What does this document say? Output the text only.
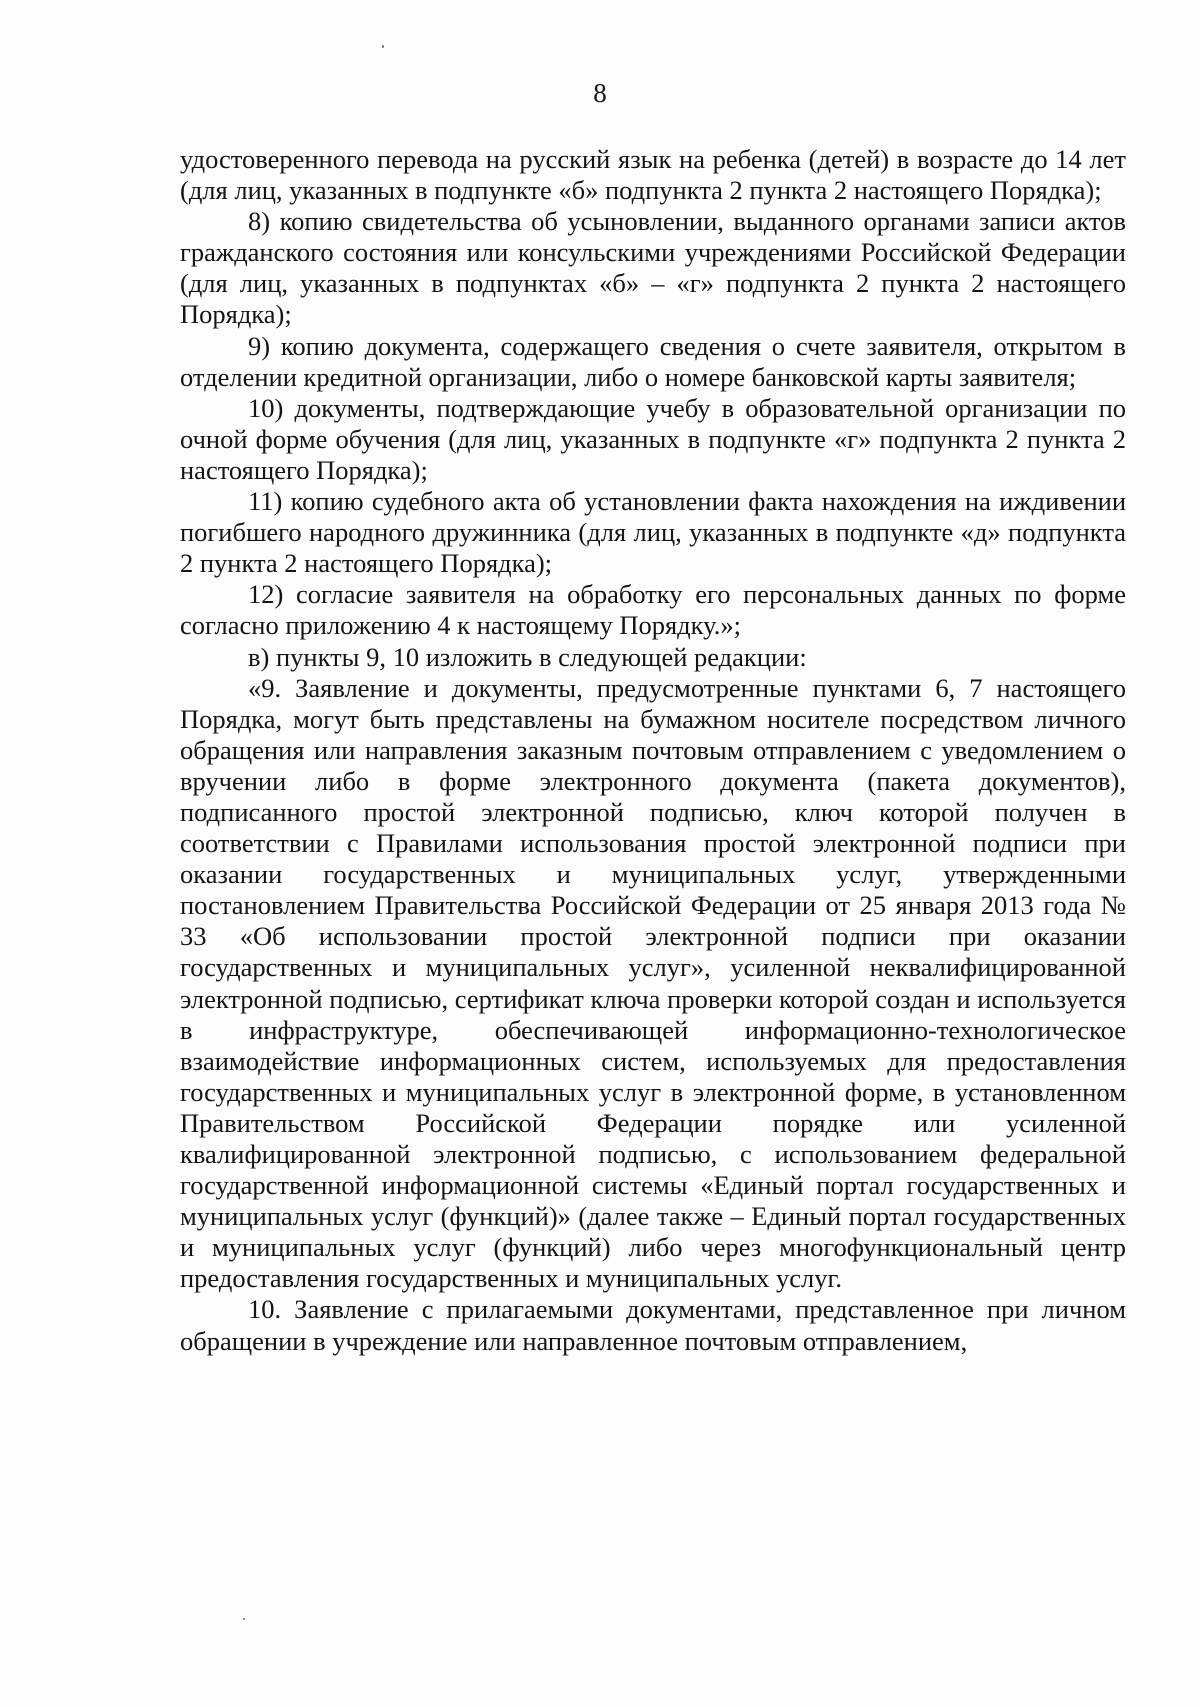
8

удостоверенного перевода на русский язык на ребенка (детей) в возрасте до 14 лет (для лиц, указанных в подпункте «б» подпункта 2 пункта 2 настоящего Порядка);

8) копию свидетельства об усыновлении, выданного органами записи актов гражданского состояния или консульскими учреждениями Российской Федерации (для лиц, указанных в подпунктах «б» – «г» подпункта 2 пункта 2 настоящего Порядка);

9) копию документа, содержащего сведения о счете заявителя, открытом в отделении кредитной организации, либо о номере банковской карты заявителя;

10) документы, подтверждающие учебу в образовательной организации по очной форме обучения (для лиц, указанных в подпункте «г» подпункта 2 пункта 2 настоящего Порядка);

11) копию судебного акта об установлении факта нахождения на иждивении погибшего народного дружинника (для лиц, указанных в подпункте «д» подпункта 2 пункта 2 настоящего Порядка);

12) согласие заявителя на обработку его персональных данных по форме согласно приложению 4 к настоящему Порядку.»;

в) пункты 9, 10 изложить в следующей редакции:

«9. Заявление и документы, предусмотренные пунктами 6, 7 настоящего Порядка, могут быть представлены на бумажном носителе посредством личного обращения или направления заказным почтовым отправлением с уведомлением о вручении либо в форме электронного документа (пакета документов), подписанного простой электронной подписью, ключ которой получен в соответствии с Правилами использования простой электронной подписи при оказании государственных и муниципальных услуг, утвержденными постановлением Правительства Российской Федерации от 25 января 2013 года № 33 «Об использовании простой электронной подписи при оказании государственных и муниципальных услуг», усиленной неквалифицированной электронной подписью, сертификат ключа проверки которой создан и используется в инфраструктуре, обеспечивающей информационно-технологическое взаимодействие информационных систем, используемых для предоставления государственных и муниципальных услуг в электронной форме, в установленном Правительством Российской Федерации порядке или усиленной квалифицированной электронной подписью, с использованием федеральной государственной информационной системы «Единый портал государственных и муниципальных услуг (функций)» (далее также – Единый портал государственных и муниципальных услуг (функций) либо через многофункциональный центр предоставления государственных и муниципальных услуг.

10. Заявление с прилагаемыми документами, представленное при личном обращении в учреждение или направленное почтовым отправлением,
